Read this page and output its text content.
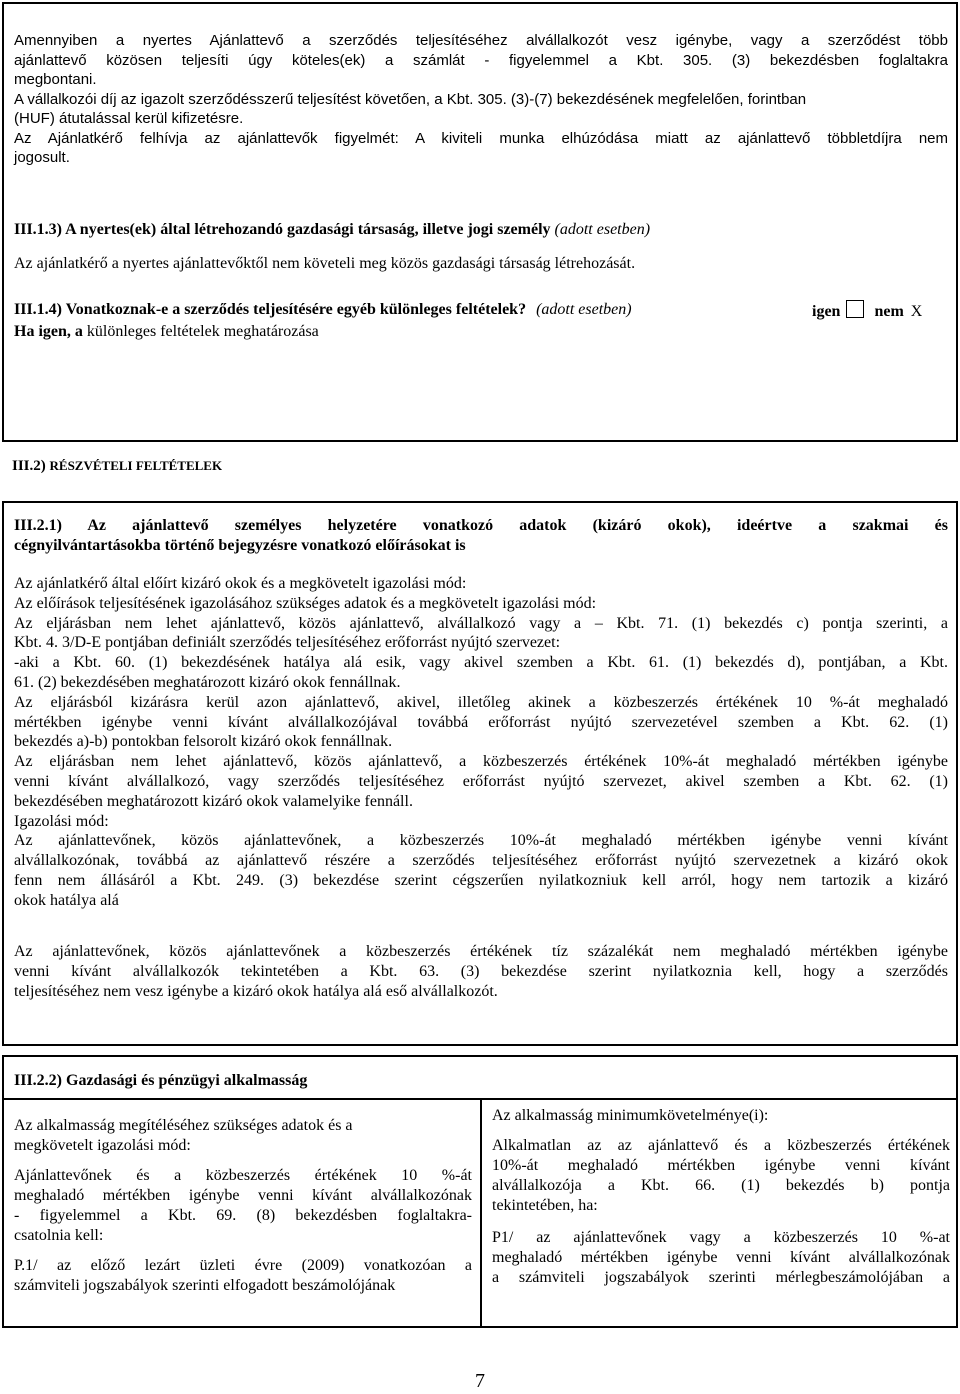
Amennyiben a nyertes Ajánlattevő a szerződés teljesítéséhez alvállalkozót vesz igénybe, vagy a szerződést több
ajánlattevő közösen teljesíti úgy köteles(ek) a számlát - figyelemmel a Kbt. 305. (3) bekezdésben foglaltakra
megbontani.
A vállalkozói díj az igazolt szerződésszerű teljesítést követően, a Kbt. 305. (3)-(7) bekezdésének megfelelően, forintban
(HUF) átutalással kerül kifizetésre.
Az Ajánlatkérő felhívja az ajánlattevők figyelmét: A kiviteli munka elhúzódása miatt az ajánlattevő többletdíjra nem
jogosult.
III.1.3) A nyertes(ek) által létrehozandó gazdasági társaság, illetve jogi személy (adott esetben)
Az ajánlatkérő a nyertes ajánlattevőktől nem követeli meg közös gazdasági társaság létrehozását.
III.1.4) Vonatkoznak-e a szerződés teljesítésére egyéb különleges feltételek? (adott esetben)	igen nem X
Ha igen, a különleges feltételek meghatározása
III.2) RÉSZVÉTELI FELTÉTELEK
III.2.1) Az ajánlattevő személyes helyzetére vonatkozó adatok (kizáró okok), ideértve a szakmai és
cégnyilvántartásokba történő bejegyzésre vonatkozó előírásokat is
Az ajánlatkérő által előírt kizáró okok és a megkövetelt igazolási mód:
Az előírások teljesítésének igazolásához szükséges adatok és a megkövetelt igazolási mód:
Az eljárásban nem lehet ajánlattevő, közös ajánlattevő, alvállalkozó vagy a – Kbt. 71. (1) bekezdés c) pontja szerinti, a
Kbt. 4. 3/D-E pontjában definiált szerződés teljesítéséhez erőforrást nyújtó szervezet:
-aki a Kbt. 60. (1) bekezdésének hatálya alá esik, vagy akivel szemben a Kbt. 61. (1) bekezdés d), pontjában, a Kbt.
61. (2) bekezdésében meghatározott kizáró okok fennállnak.
Az eljárásból kizárásra kerül azon ajánlattevő, akivel, illetőleg akinek a közbeszerzés értékének 10 %-át meghaladó
mértékben igénybe venni kívánt alvállalkozójával továbbá erőforrást nyújtó szervezetével szemben a Kbt. 62. (1)
bekezdés a)-b) pontokban felsorolt kizáró okok fennállnak.
Az eljárásban nem lehet ajánlattevő, közös ajánlattevő, a közbeszerzés értékének 10%-át meghaladó mértékben igénybe
venni kívánt alvállalkozó, vagy szerződés teljesítéséhez erőforrást nyújtó szervezet, akivel szemben a Kbt. 62. (1)
bekezdésében meghatározott kizáró okok valamelyike fennáll.
Igazolási mód:
Az ajánlattevőnek, közös ajánlattevőnek, a közbeszerzés 10%-át meghaladó mértékben igénybe venni kívánt
alvállalkozónak, továbbá az ajánlattevő részére a szerződés teljesítéséhez erőforrást nyújtó szervezetnek a kizáró okok
fenn nem állásáról a Kbt. 249. (3) bekezdése szerint cégszerűen nyilatkozniuk kell arról, hogy nem tartozik a kizáró
okok hatálya alá
Az ajánlattevőnek, közös ajánlattevőnek a közbeszerzés értékének tíz százalékát nem meghaladó mértékben igénybe
venni kívánt alvállalkozók tekintetében a Kbt. 63. (3) bekezdése szerint nyilatkoznia kell, hogy a szerződés
teljesítéséhez nem vesz igénybe a kizáró okok hatálya alá eső alvállalkozót.
III.2.2) Gazdasági és pénzügyi alkalmasság
Az alkalmasság megítéléséhez szükséges adatok és a
megkövetelt igazolási mód:
Ajánlattevőnek és a közbeszerzés értékének 10 %-át
meghaladó mértékben igénybe venni kívánt alvállalkozónak
- figyelemmel a Kbt. 69. (8) bekezdésben foglaltakra-
csatolnia kell:
P.1/ az előző lezárt üzleti évre (2009) vonatkozóan a
számviteli jogszabályok szerinti elfogadott beszámolójának
Az alkalmasság minimumkövetelménye(i):
Alkalmatlan az az ajánlattevő és a közbeszerzés értékének
10%-át meghaladó mértékben igénybe venni kívánt
alvállalkozója a Kbt. 66. (1) bekezdés b) pontja
tekintetében, ha:
P1/ az ajánlattevőnek vagy a közbeszerzés 10 %-at
meghaladó mértékben igénybe venni kívánt alvállalkozónak
a számviteli jogszabályok szerinti mérlegbeszámolójában a
7
